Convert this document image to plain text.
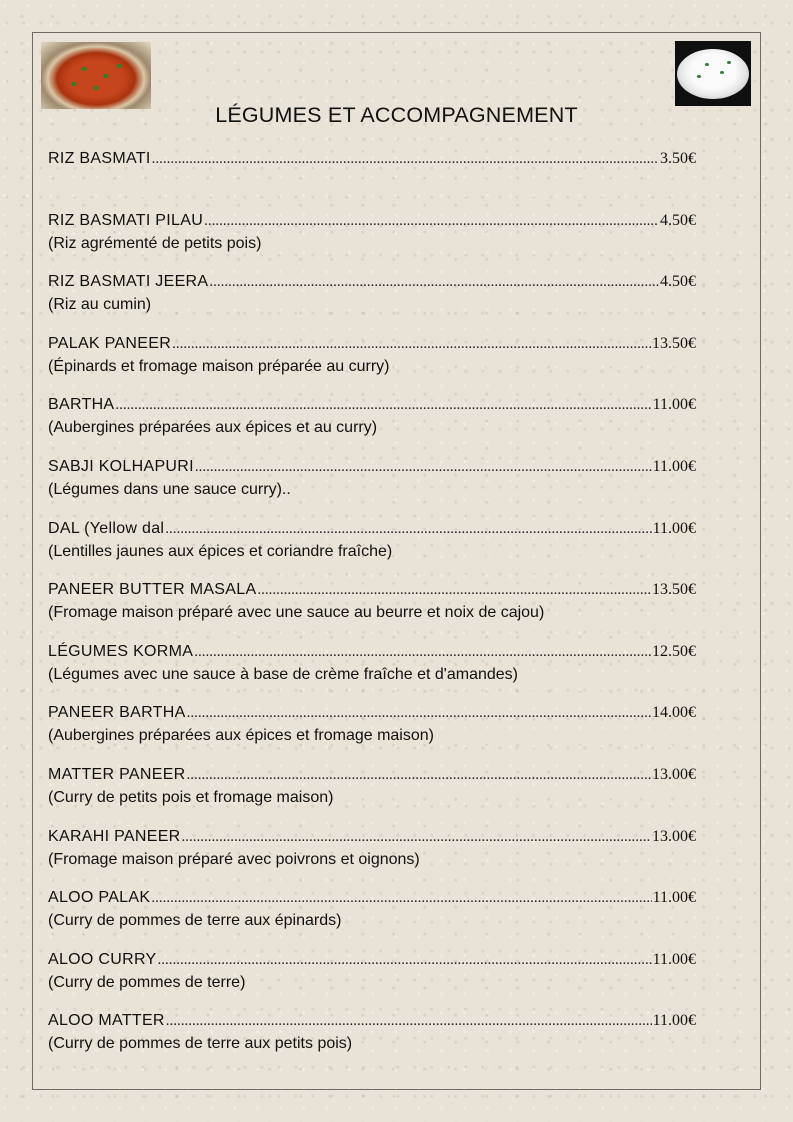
LÉGUMES ET ACCOMPAGNEMENT
RIZ BASMATI .....	3.50€
RIZ BASMATI PILAU .....	4.50€
(Riz agrémenté de petits pois)
RIZ BASMATI JEERA .....	4.50€
(Riz au cumin)
PALAK PANEER .....	13.50€
(Épinards et fromage maison préparée au curry)
BARTHA .....	11.00€
(Aubergines préparées aux épices et au curry)
SABJI KOLHAPURI .....	11.00€
(Légumes dans une sauce curry)..
DAL (Yellow dal .....	11.00€
(Lentilles jaunes aux épices et coriandre fraîche)
PANEER BUTTER MASALA .....	13.50€
(Fromage maison préparé avec une sauce au beurre et noix de cajou)
LÉGUMES KORMA .....	12.50€
(Légumes avec une sauce à base de crème fraîche et d'amandes)
PANEER BARTHA .....	14.00€
(Aubergines préparées aux épices et fromage maison)
MATTER PANEER .....	13.00€
(Curry de petits pois et fromage maison)
KARAHI PANEER .....	13.00€
(Fromage maison préparé avec poivrons et oignons)
ALOO PALAK .....	11.00€
(Curry de pommes de terre aux épinards)
ALOO CURRY .....	11.00€
(Curry de pommes de terre)
ALOO MATTER .....	11.00€
(Curry de pommes de terre aux petits pois)
